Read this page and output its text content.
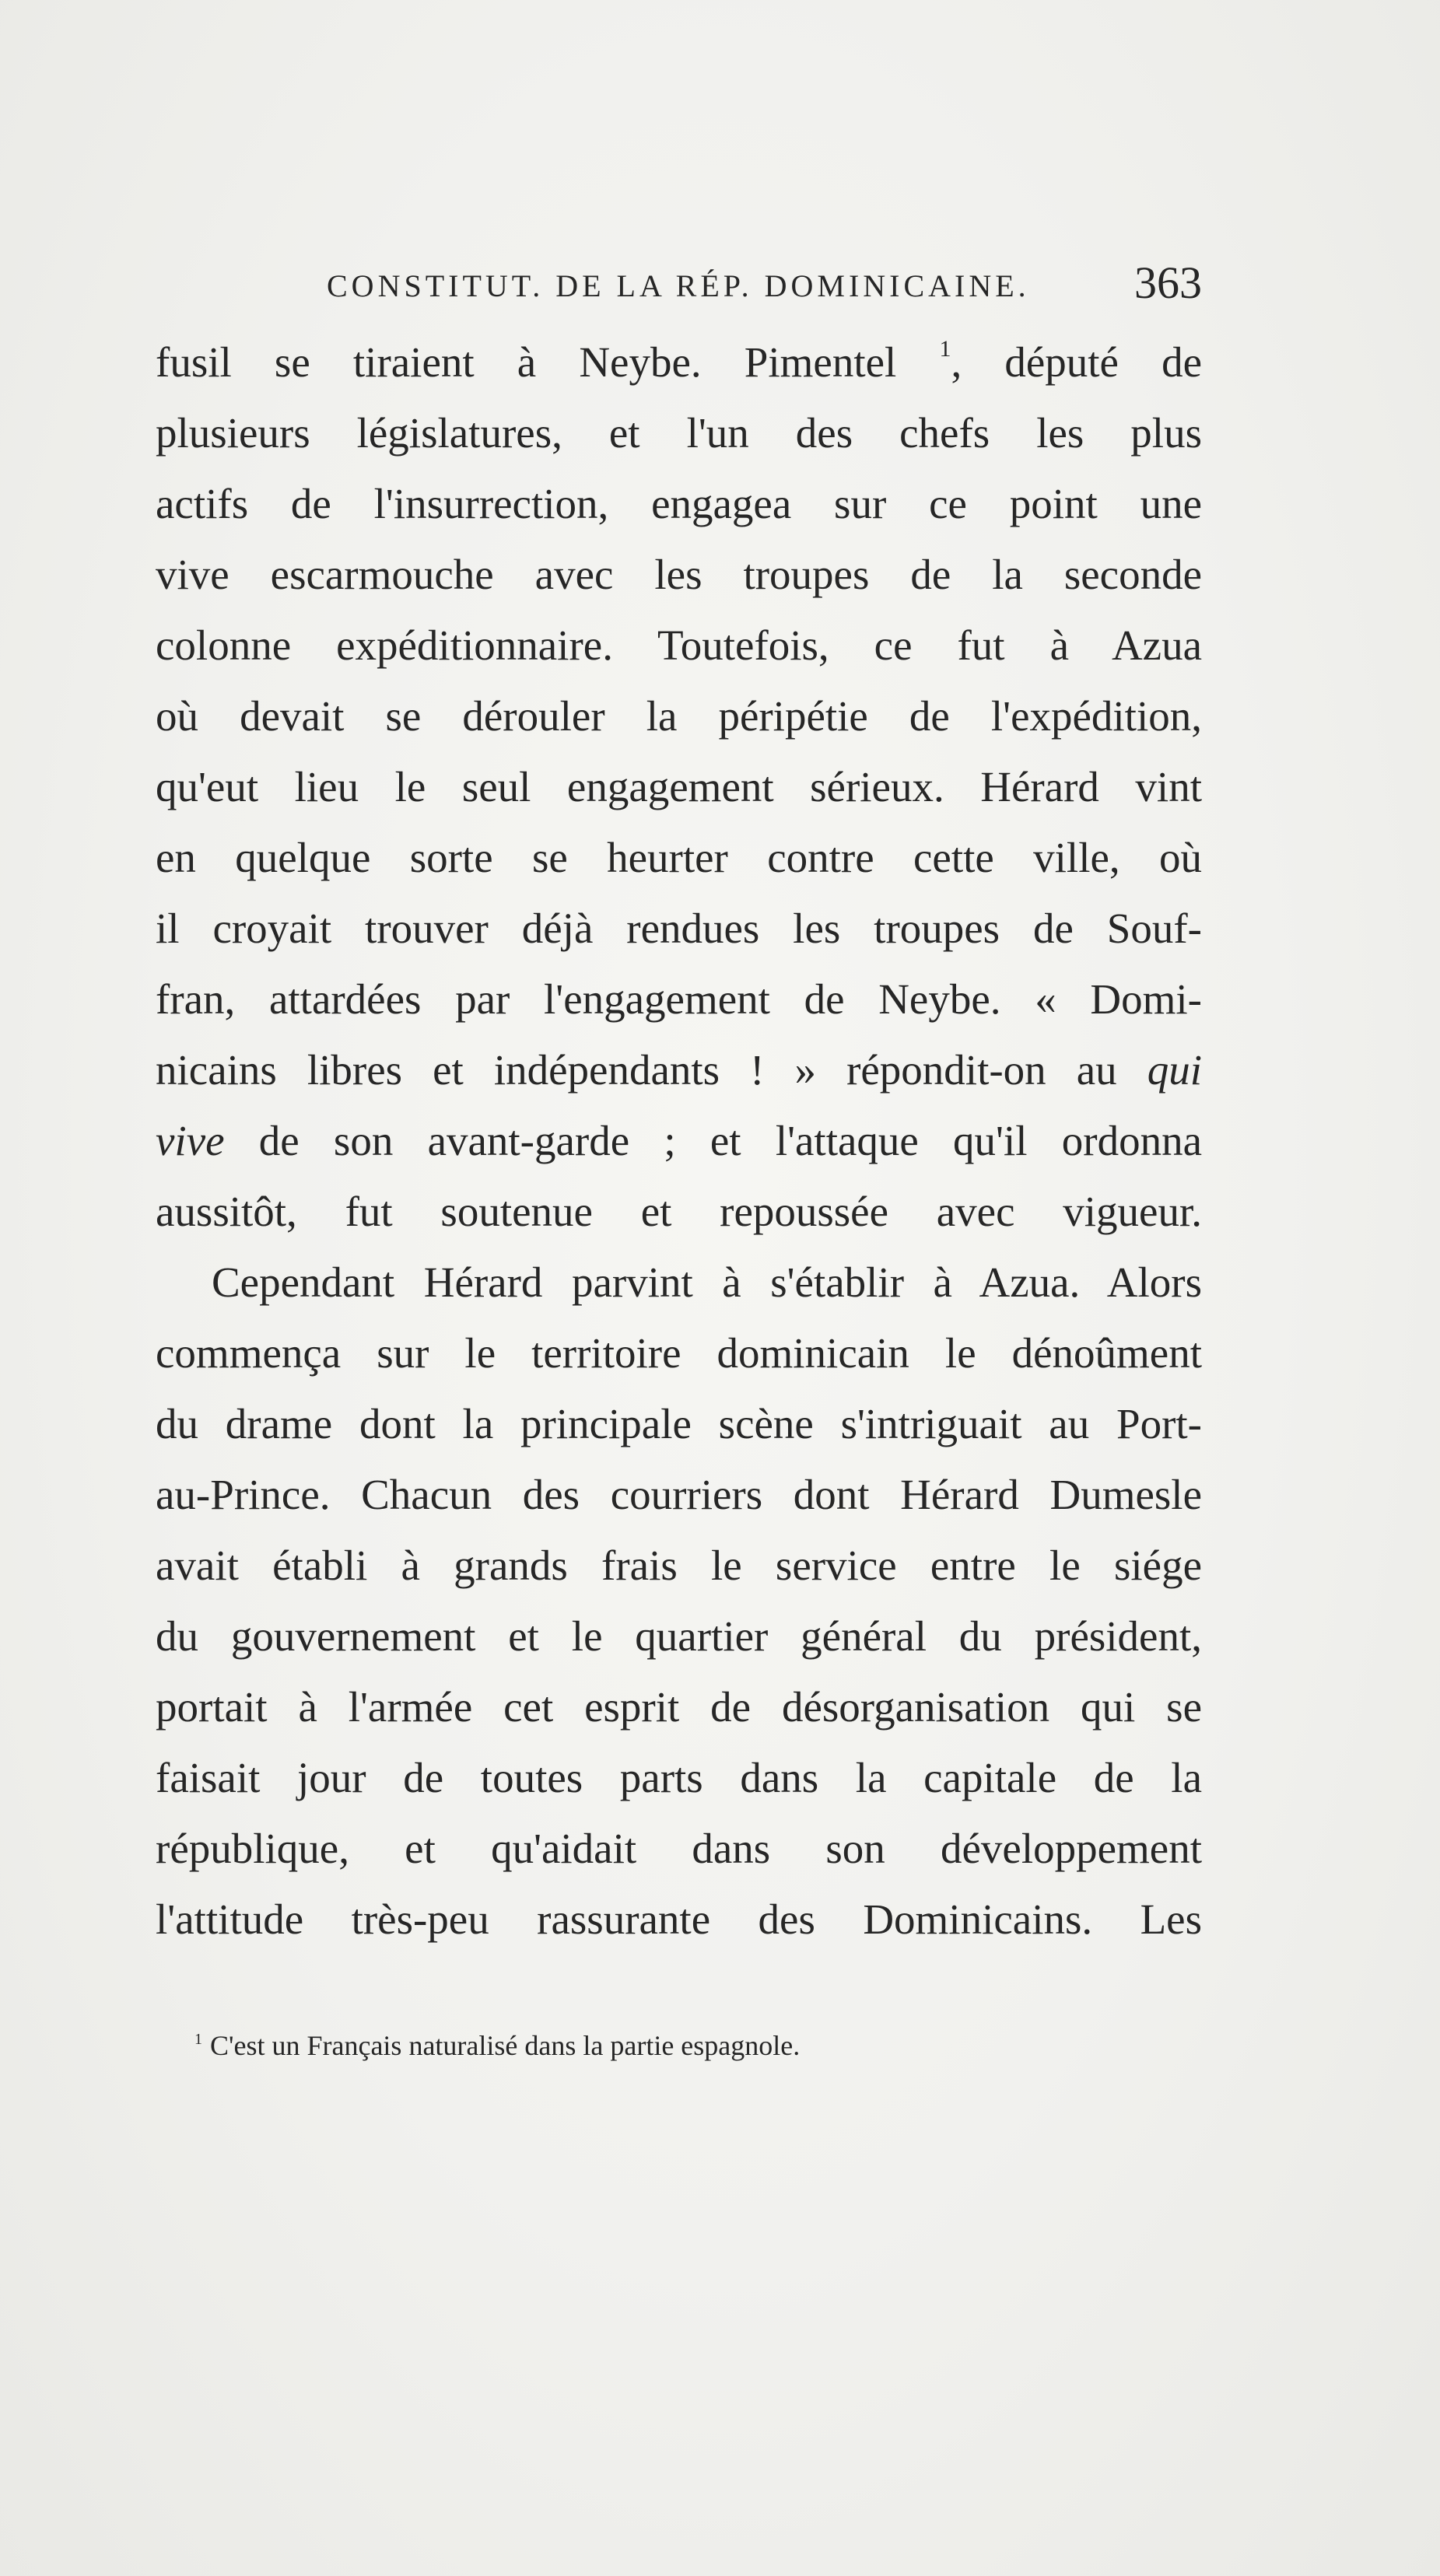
CONSTITUT. DE LA RÉP. DOMINICAINE. 363
fusil se tiraient à Neybe. Pimentel $^1$, député de
plusieurs législatures, et l'un des chefs les plus
actifs de l'insurrection, engagea sur ce point une
vive escarmouche avec les troupes de la seconde
colonne expéditionnaire. Toutefois, ce fut à Azua
où devait se dérouler la péripétie de l'expédition,
qu'eut lieu le seul engagement sérieux. Hérard vint
en quelque sorte se heurter contre cette ville, où
il croyait trouver déjà rendues les troupes de Souf-
fran, attardées par l'engagement de Neybe. « Domi-
nicains libres et indépendants ! » répondit-on au qui
vive de son avant-garde ; et l'attaque qu'il ordonna
aussitôt, fut soutenue et repoussée avec vigueur.
Cependant Hérard parvint à s'établir à Azua. Alors
commença sur le territoire dominicain le dénoûment
du drame dont la principale scène s'intriguait au Port-
au-Prince. Chacun des courriers dont Hérard Dumesle
avait établi à grands frais le service entre le siége
du gouvernement et le quartier général du président,
portait à l'armée cet esprit de désorganisation qui se
faisait jour de toutes parts dans la capitale de la
république, et qu'aidait dans son développement
l'attitude très-peu rassurante des Dominicains. Les
$^1$ C'est un Français naturalisé dans la partie espagnole.
